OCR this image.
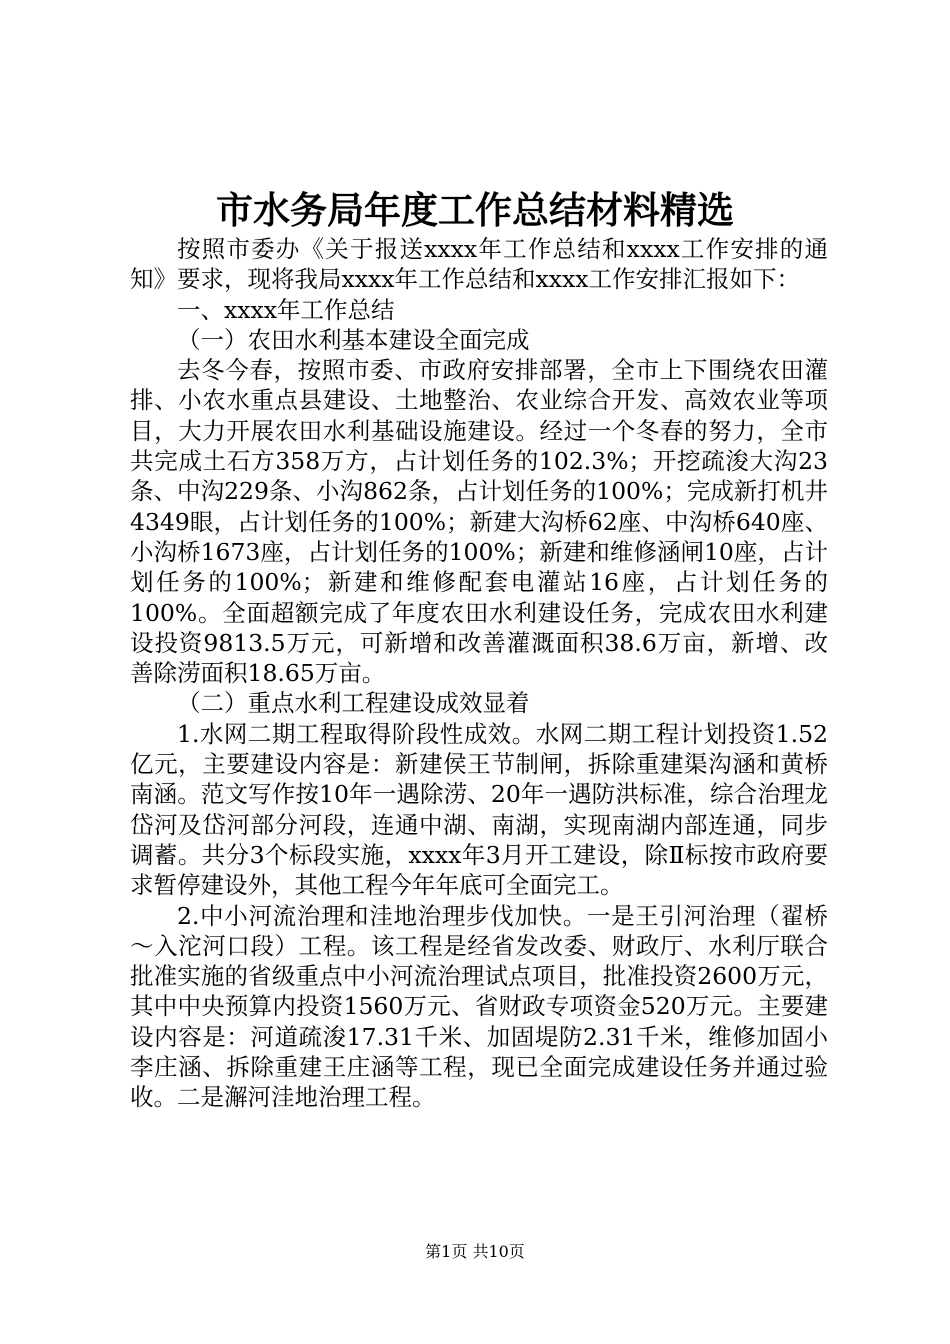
市水务局年度工作总结材料精选

按照市委办《关于报送xxxx年工作总结和xxxx工作安排的通知》要求，现将我局xxxx年工作总结和xxxx工作安排汇报如下：

一、xxxx年工作总结

（一）农田水利基本建设全面完成

去冬今春，按照市委、市政府安排部署，全市上下围绕农田灌排、小农水重点县建设、土地整治、农业综合开发、高效农业等项目，大力开展农田水利基础设施建设。经过一个冬春的努力，全市共完成土石方358万方，占计划任务的102.3%；开挖疏浚大沟23条、中沟229条、小沟862条，占计划任务的100%；完成新打机井4349眼，占计划任务的100%；新建大沟桥62座、中沟桥640座、小沟桥1673座，占计划任务的100%；新建和维修涵闸10座，占计划任务的100%；新建和维修配套电灌站16座，占计划任务的100%。全面超额完成了年度农田水利建设任务，完成农田水利建设投资9813.5万元，可新增和改善灌溉面积38.6万亩，新增、改善除涝面积18.65万亩。

（二）重点水利工程建设成效显着

1.水网二期工程取得阶段性成效。水网二期工程计划投资1.52亿元，主要建设内容是：新建侯王节制闸，拆除重建渠沟涵和黄桥南涵。范文写作按10年一遇除涝、20年一遇防洪标准，综合治理龙岱河及岱河部分河段，连通中湖、南湖，实现南湖内部连通，同步调蓄。共分3个标段实施，xxxx年3月开工建设，除Ⅱ标按市政府要求暂停建设外，其他工程今年年底可全面完工。

2.中小河流治理和洼地治理步伐加快。一是王引河治理（翟桥～入沱河口段）工程。该工程是经省发改委、财政厅、水利厅联合批准实施的省级重点中小河流治理试点项目，批准投资2600万元，其中中央预算内投资1560万元、省财政专项资金520万元。主要建设内容是：河道疏浚17.31千米、加固堤防2.31千米，维修加固小李庄涵、拆除重建王庄涵等工程，现已全面完成建设任务并通过验收。二是澥河洼地治理工程。

第1页 共10页
